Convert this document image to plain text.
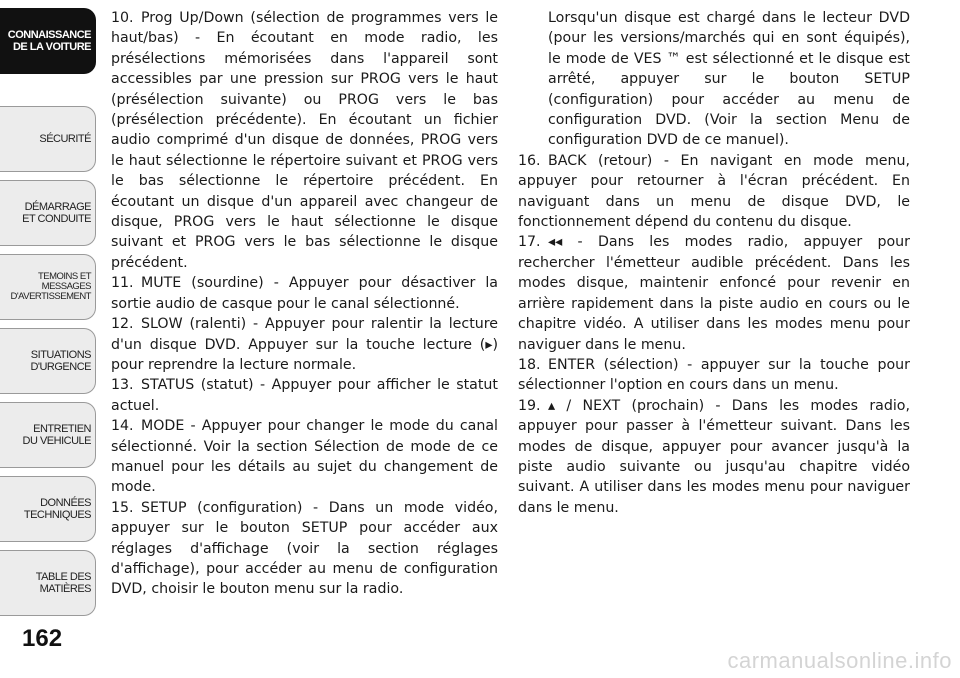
CONNAISSANCE
DE LA VOITURE
SÉCURITÉ
DÉMARRAGE
ET CONDUITE
TEMOINS ET
MESSAGES
D'AVERTISSEMENT
SITUATIONS
D'URGENCE
ENTRETIEN
DU VEHICULE
DONNÉES
TECHNIQUES
TABLE DES
MATIÈRES
162
10. Prog Up/Down (sélection de programmes vers le haut/bas) - En écoutant en mode radio, les présélections mémorisées dans l'appareil sont accessibles par une pression sur PROG vers le haut (présélection suivante) ou PROG vers le bas (présélection précédente). En écoutant un fichier audio comprimé d'un disque de données, PROG vers le haut sélectionne le répertoire suivant et PROG vers le bas sélectionne le répertoire précédent. En écoutant un disque d'un appareil avec changeur de disque, PROG vers le haut sélectionne le disque suivant et PROG vers le bas sélectionne le disque précédent.
11. MUTE (sourdine) - Appuyer pour désactiver la sortie audio de casque pour le canal sélectionné.
12. SLOW (ralenti) - Appuyer pour ralentir la lecture d'un disque DVD. Appuyer sur la touche lecture (▸) pour reprendre la lecture normale.
13. STATUS (statut) - Appuyer pour afficher le statut actuel.
14. MODE - Appuyer pour changer le mode du canal sélectionné. Voir la section Sélection de mode de ce manuel pour les détails au sujet du changement de mode.
15. SETUP (configuration) - Dans un mode vidéo, appuyer sur le bouton SETUP pour accéder aux réglages d'affichage (voir la section réglages d'affichage), pour accéder au menu de configuration DVD, choisir le bouton menu sur la radio.

Lorsqu'un disque est chargé dans le lecteur DVD (pour les versions/marchés qui en sont équipés), le mode de VES ™ est sélectionné et le disque est arrêté, appuyer sur le bouton SETUP (configuration) pour accéder au menu de configuration DVD. (Voir la section Menu de configuration DVD de ce manuel).

16. BACK (retour) - En navigant en mode menu, appuyer pour retourner à l'écran précédent. En naviguant dans un menu de disque DVD, le fonctionnement dépend du contenu du disque.
17. ◂◂ - Dans les modes radio, appuyer pour rechercher l'émetteur audible précédent. Dans les modes disque, maintenir enfoncé pour revenir en arrière rapidement dans la piste audio en cours ou le chapitre vidéo. A utiliser dans les modes menu pour naviguer dans le menu.
18. ENTER (sélection) - appuyer sur la touche pour sélectionner l'option en cours dans un menu.
19. ▴ / NEXT (prochain) - Dans les modes radio, appuyer pour passer à l'émetteur suivant. Dans les modes de disque, appuyer pour avancer jusqu'à la piste audio suivante ou jusqu'au chapitre vidéo suivant. A utiliser dans les modes menu pour naviguer dans le menu.
carmanualsonline.info
